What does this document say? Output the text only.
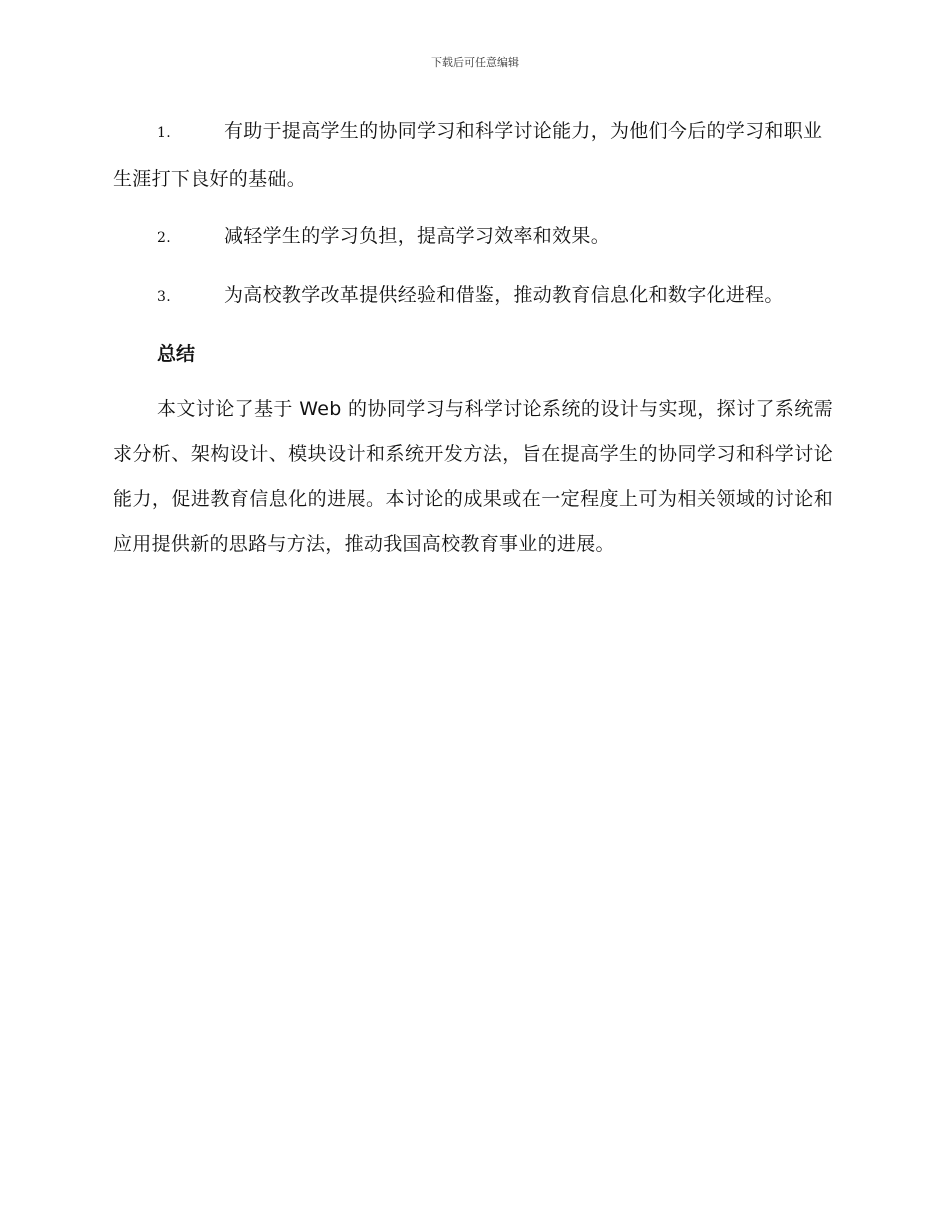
下载后可任意编辑

1.	有助于提高学生的协同学习和科学讨论能力，为他们今后的学习和职业生涯打下良好的基础。

2.	减轻学生的学习负担，提高学习效率和效果。

3.	为高校教学改革提供经验和借鉴，推动教育信息化和数字化进程。

总结

本文讨论了基于 Web 的协同学习与科学讨论系统的设计与实现，探讨了系统需求分析、架构设计、模块设计和系统开发方法，旨在提高学生的协同学习和科学讨论能力，促进教育信息化的进展。本讨论的成果或在一定程度上可为相关领域的讨论和应用提供新的思路与方法，推动我国高校教育事业的进展。
